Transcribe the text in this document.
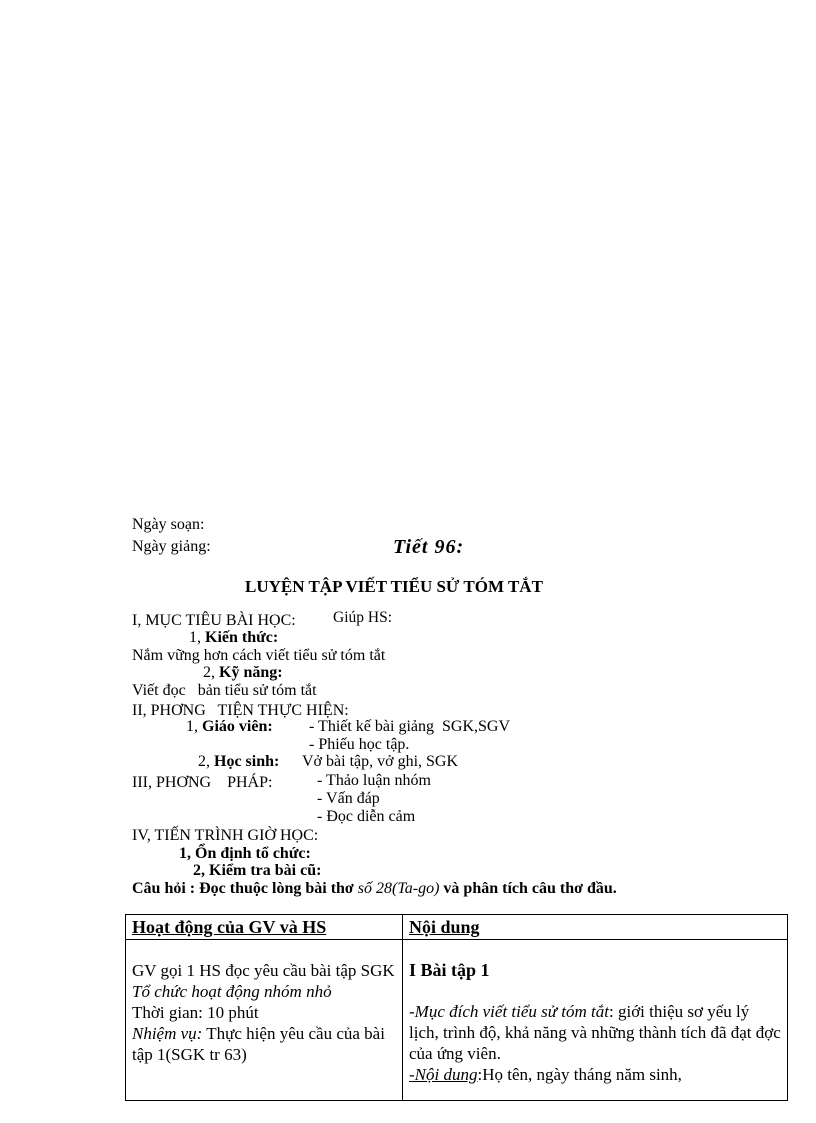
Ngày soạn:
Ngày giảng:	Tiết 96:
LUYỆN TẬP VIẾT TIỂU SỬ TÓM TẮT
I, MỤC TIÊU BÀI HỌC: Giúp HS:
1, Kiến thức:
Nắm vững hơn cách viết tiểu sử tóm tắt
2, Kỹ năng:
Viết đọc   bản tiểu sử tóm tắt
II, PHƠNG   TIỆN THỰC HIỆN:
1, Giáo viên: - Thiết kế bài giảng  SGK,SGV
- Phiếu học tập.
2, Học sinh: Vở bài tập, vở ghi, SGK
III, PHƠNG    PHÁP:	- Thảo luận nhóm
- Vấn đáp
- Đọc diễn cảm
IV, TIẾN TRÌNH GIỜ HỌC:
1, Ổn định tổ chức:
2, Kiểm tra bài cũ:
Câu hỏi : Đọc thuộc lòng bài thơ số 28(Ta-go) và phân tích câu thơ đầu.
Hoạt động của GV và HS	Nội dung

GV gọi 1 HS đọc yêu cầu bài tập SGK
Tổ chức hoạt động nhóm nhỏ
Thời gian: 10 phút
Nhiệm vụ: Thực hiện yêu cầu của bài tập 1(SGK tr 63)	I Bài tập 1
-Mục đích viết tiểu sử tóm tắt: giới thiệu sơ yếu lý lịch, trình độ, khả năng và những thành tích đã đạt đợc của ứng viên.
-Nội dung:Họ tên, ngày tháng năm sinh,
